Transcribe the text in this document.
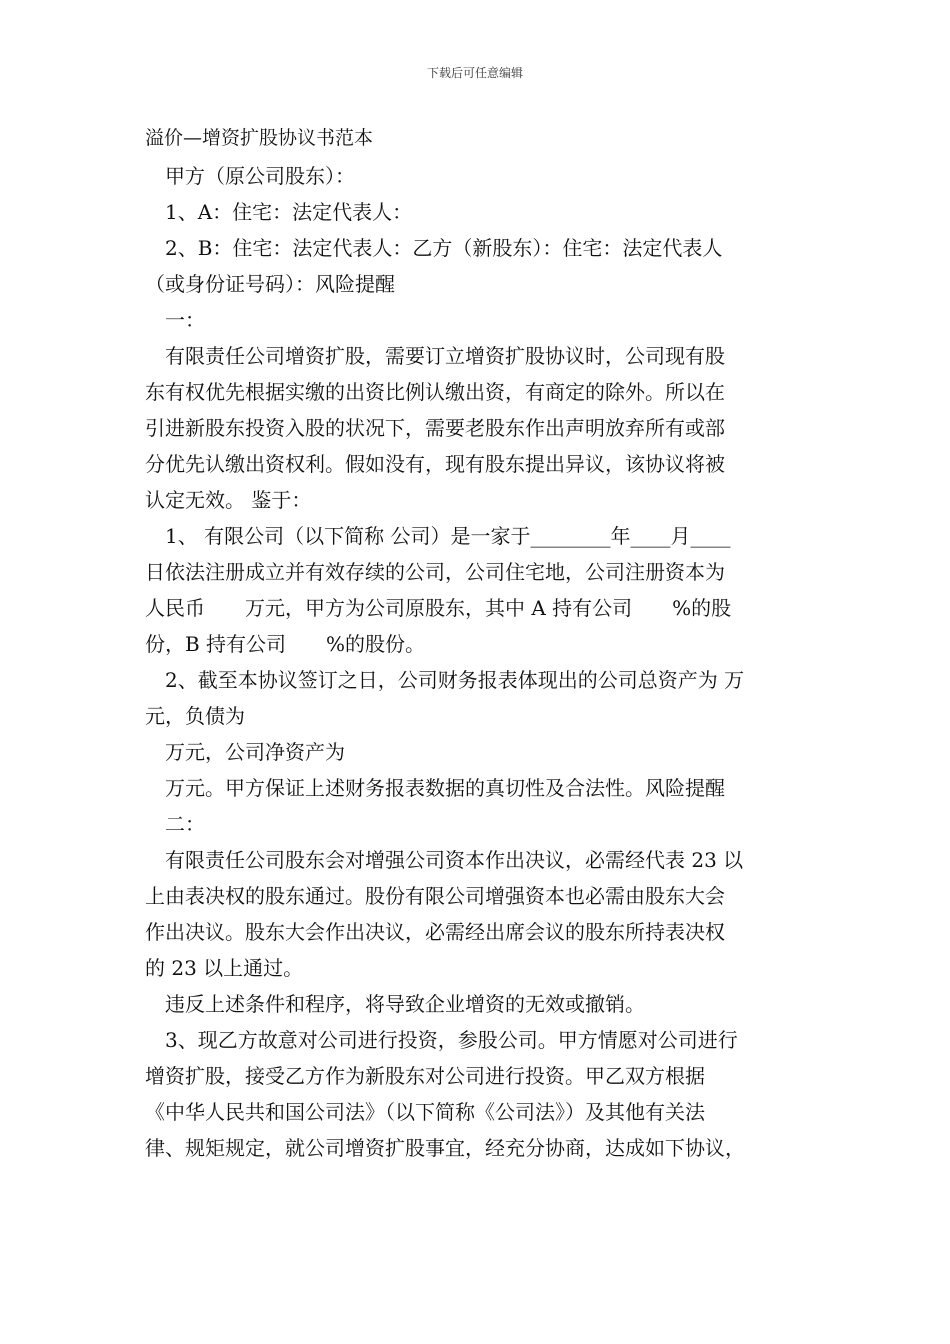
下载后可任意编辑
溢价—增资扩股协议书范本
甲方（原公司股东）：
1、A：住宅：法定代表人：
2、B：住宅：法定代表人：乙方（新股东）：住宅：法定代表人
（或身份证号码）：风险提醒
一：
有限责任公司增资扩股，需要订立增资扩股协议时，公司现有股
东有权优先根据实缴的出资比例认缴出资，有商定的除外。所以在
引进新股东投资入股的状况下，需要老股东作出声明放弃所有或部
分优先认缴出资权利。假如没有，现有股东提出异议，该协议将被
认定无效。 鉴于：
1、 有限公司（以下简称 公司）是一家于________年____月____
日依法注册成立并有效存续的公司，公司住宅地，公司注册资本为
人民币　　万元，甲方为公司原股东，其中 A 持有公司　　%的股
份，B 持有公司　　%的股份。
2、截至本协议签订之日，公司财务报表体现出的公司总资产为 万
元，负债为
万元，公司净资产为
万元。甲方保证上述财务报表数据的真切性及合法性。风险提醒
二：
有限责任公司股东会对增强公司资本作出决议，必需经代表 23 以
上由表决权的股东通过。股份有限公司增强资本也必需由股东大会
作出决议。股东大会作出决议，必需经出席会议的股东所持表决权
的 23 以上通过。
违反上述条件和程序，将导致企业增资的无效或撤销。
3、现乙方故意对公司进行投资，参股公司。甲方情愿对公司进行
增资扩股，接受乙方作为新股东对公司进行投资。甲乙双方根据
《中华人民共和国公司法》（以下简称《公司法》）及其他有关法
律、规矩规定，就公司增资扩股事宜，经充分协商，达成如下协议，
